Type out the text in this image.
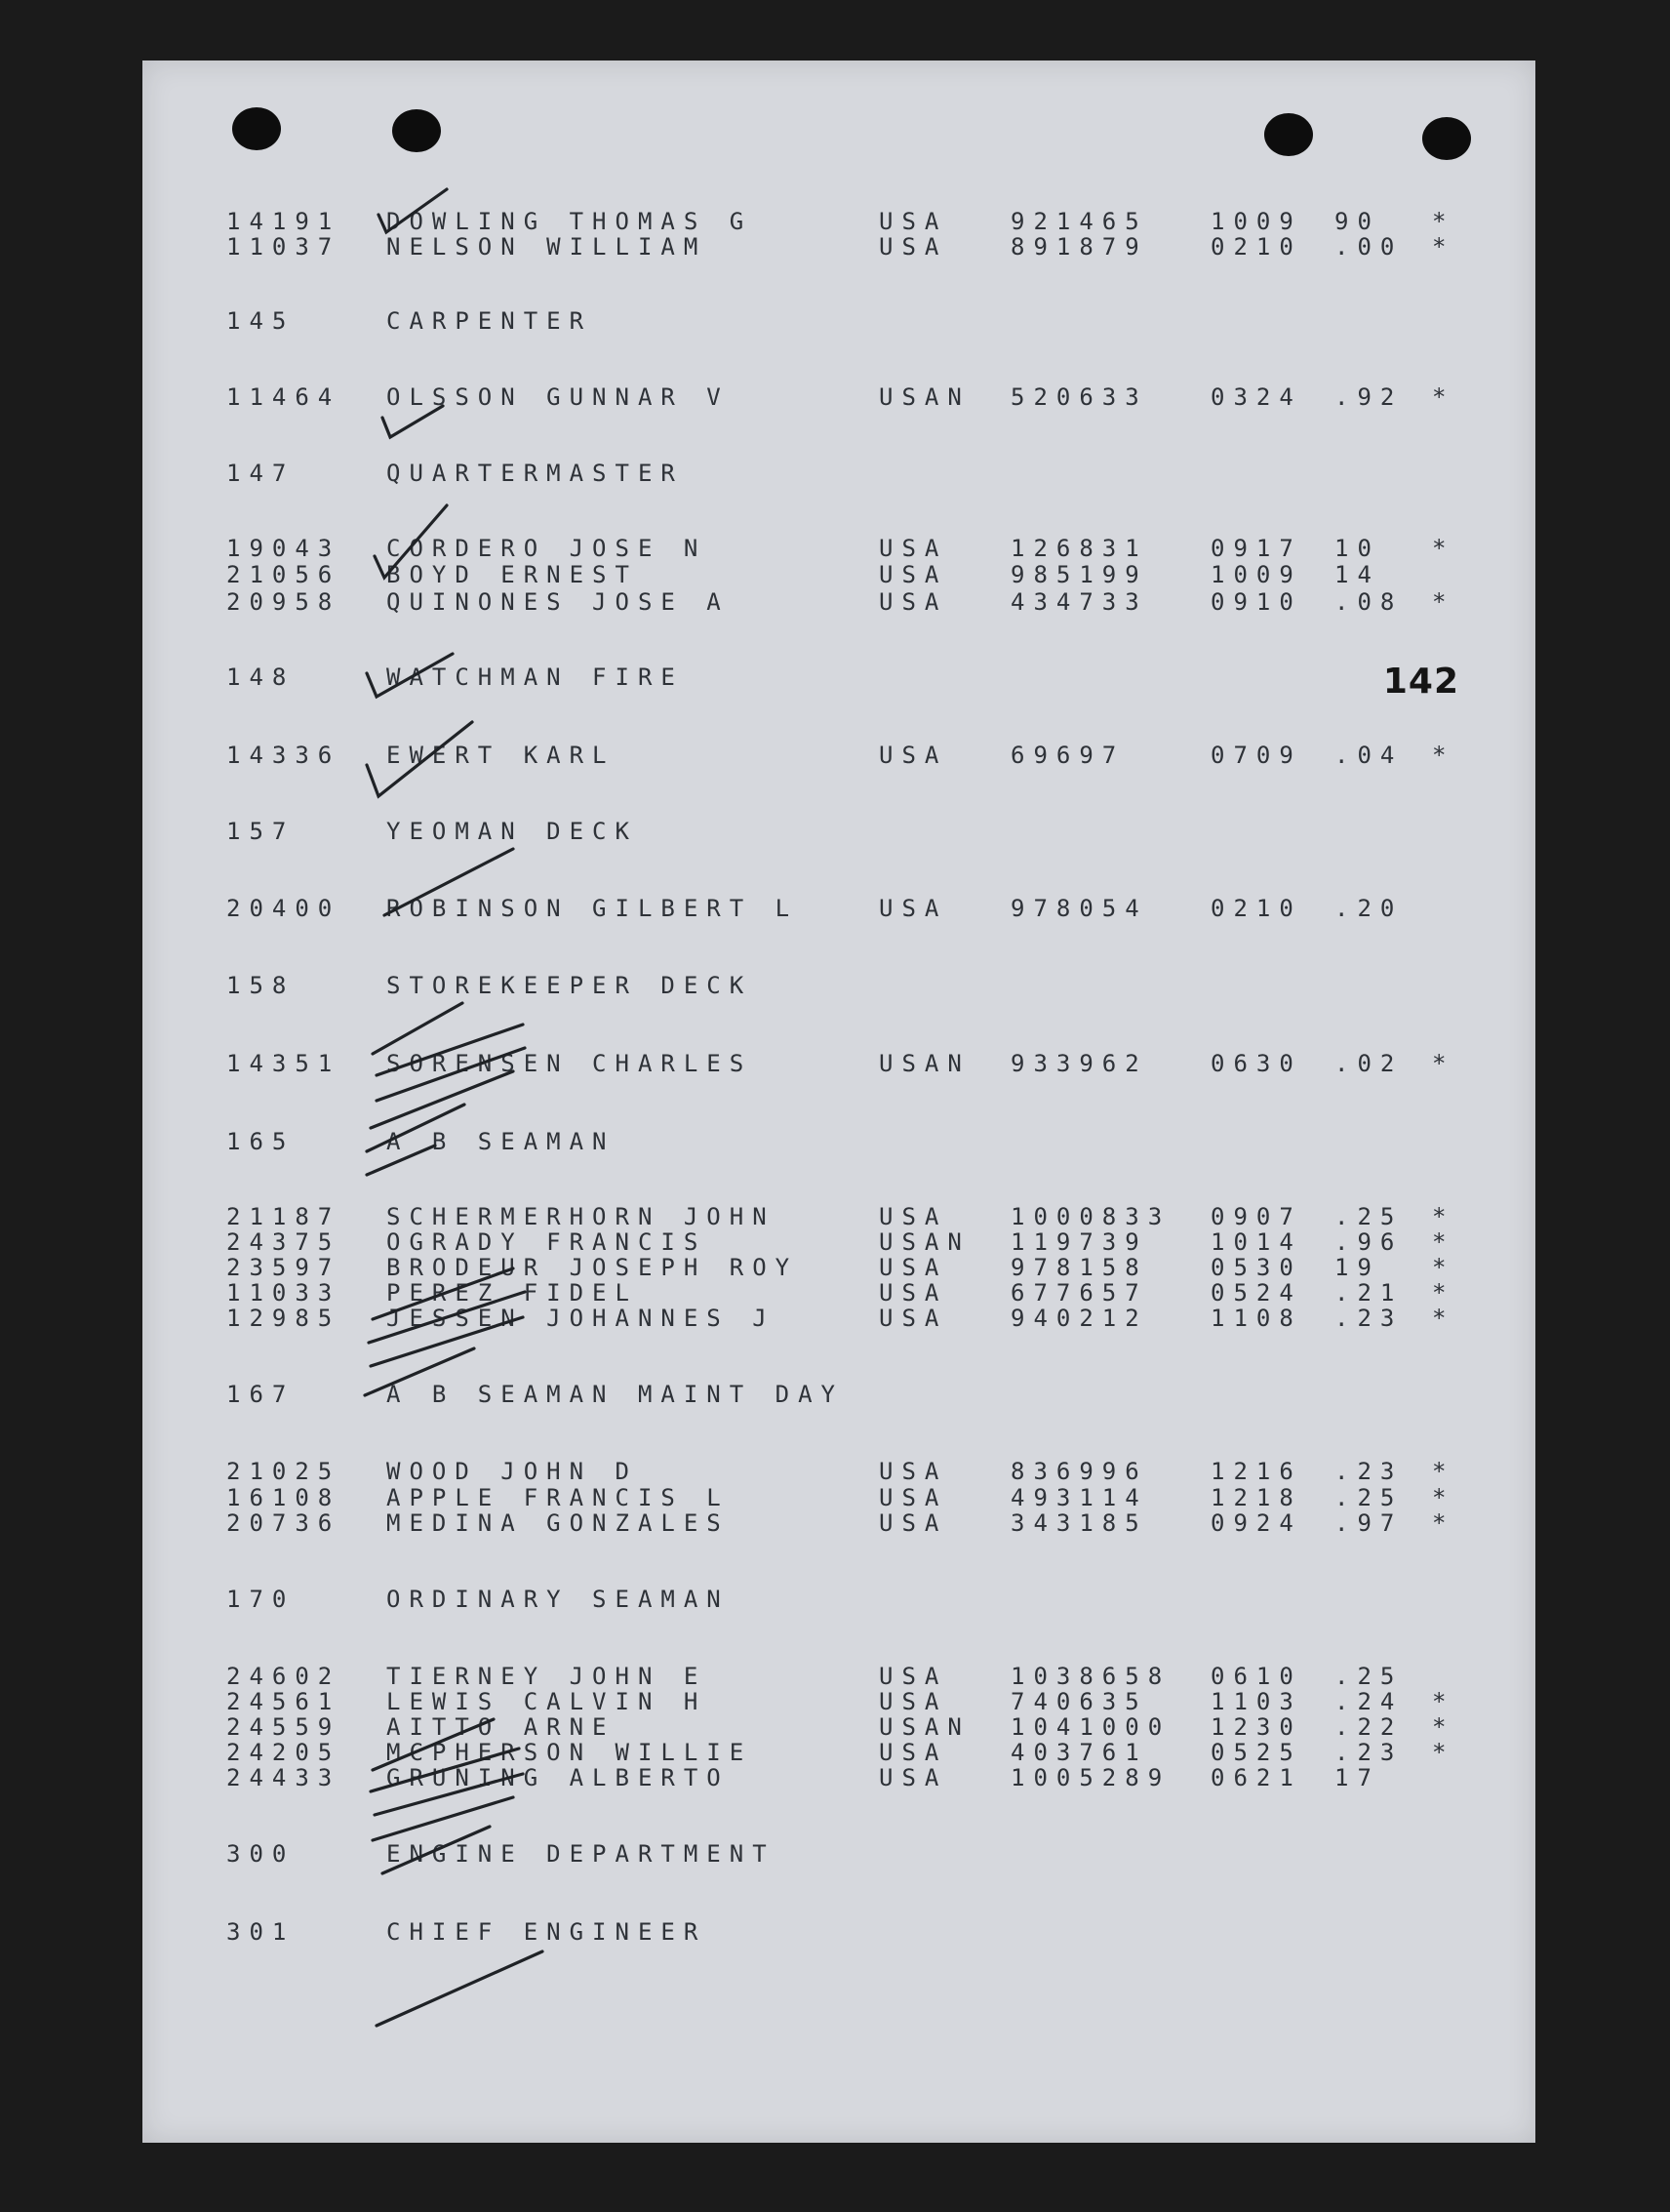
142
14191 DOWLING THOMAS G	USA	921465	1009 90 *
11037 NELSON WILLIAM	USA	891879	0210 .00 *
145	CARPENTER
11464 OLSSON GUNNAR V	USAN 520633	0324 .92 *
147	QUARTERMASTER
19043 CORDERO JOSE N	USA	126831	0917 10 *
21056 BOYD ERNEST	USA	985199	1009 14
20958 QUINONES JOSE A	USA	434733	0910 .08 *
148	WATCHMAN FIRE
14336 EWERT KARL	USA	69697	0709 .04 *
157	YEOMAN DECK
20400 ROBINSON GILBERT L	USA	978054	0210 .20
158	STOREKEEPER DECK
14351 SORENSEN CHARLES	USAN 933962	0630 .02 *
165	A B SEAMAN
21187 SCHERMERHORN JOHN	USA	1000833 0907 .25 *
24375 OGRADY FRANCIS	USAN 119739	1014 .96 *
23597 BRODEUR JOSEPH ROY	USA	978158	0530 19 *
11033 PEREZ FIDEL	USA	677657	0524 .21 *
12985 JESSEN JOHANNES J	USA	940212	1108 .23 *
167	A B SEAMAN MAINT DAY
21025 WOOD JOHN D	USA	836996	1216 .23 *
16108 APPLE FRANCIS L	USA	493114	1218 .25 *
20736 MEDINA GONZALES	USA	343185	0924 .97 *
170	ORDINARY SEAMAN
24602 TIERNEY JOHN E	USA	1038658 0610 .25
24561 LEWIS CALVIN H	USA	740635	1103 .24 *
24559 AITTO ARNE	USAN 1041000 1230 .22 *
24205 MCPHERSON WILLIE	USA	403761	0525 .23 *
24433 GRUNING ALBERTO	USA	1005289 0621 17
300	ENGINE DEPARTMENT
301	CHIEF ENGINEER
